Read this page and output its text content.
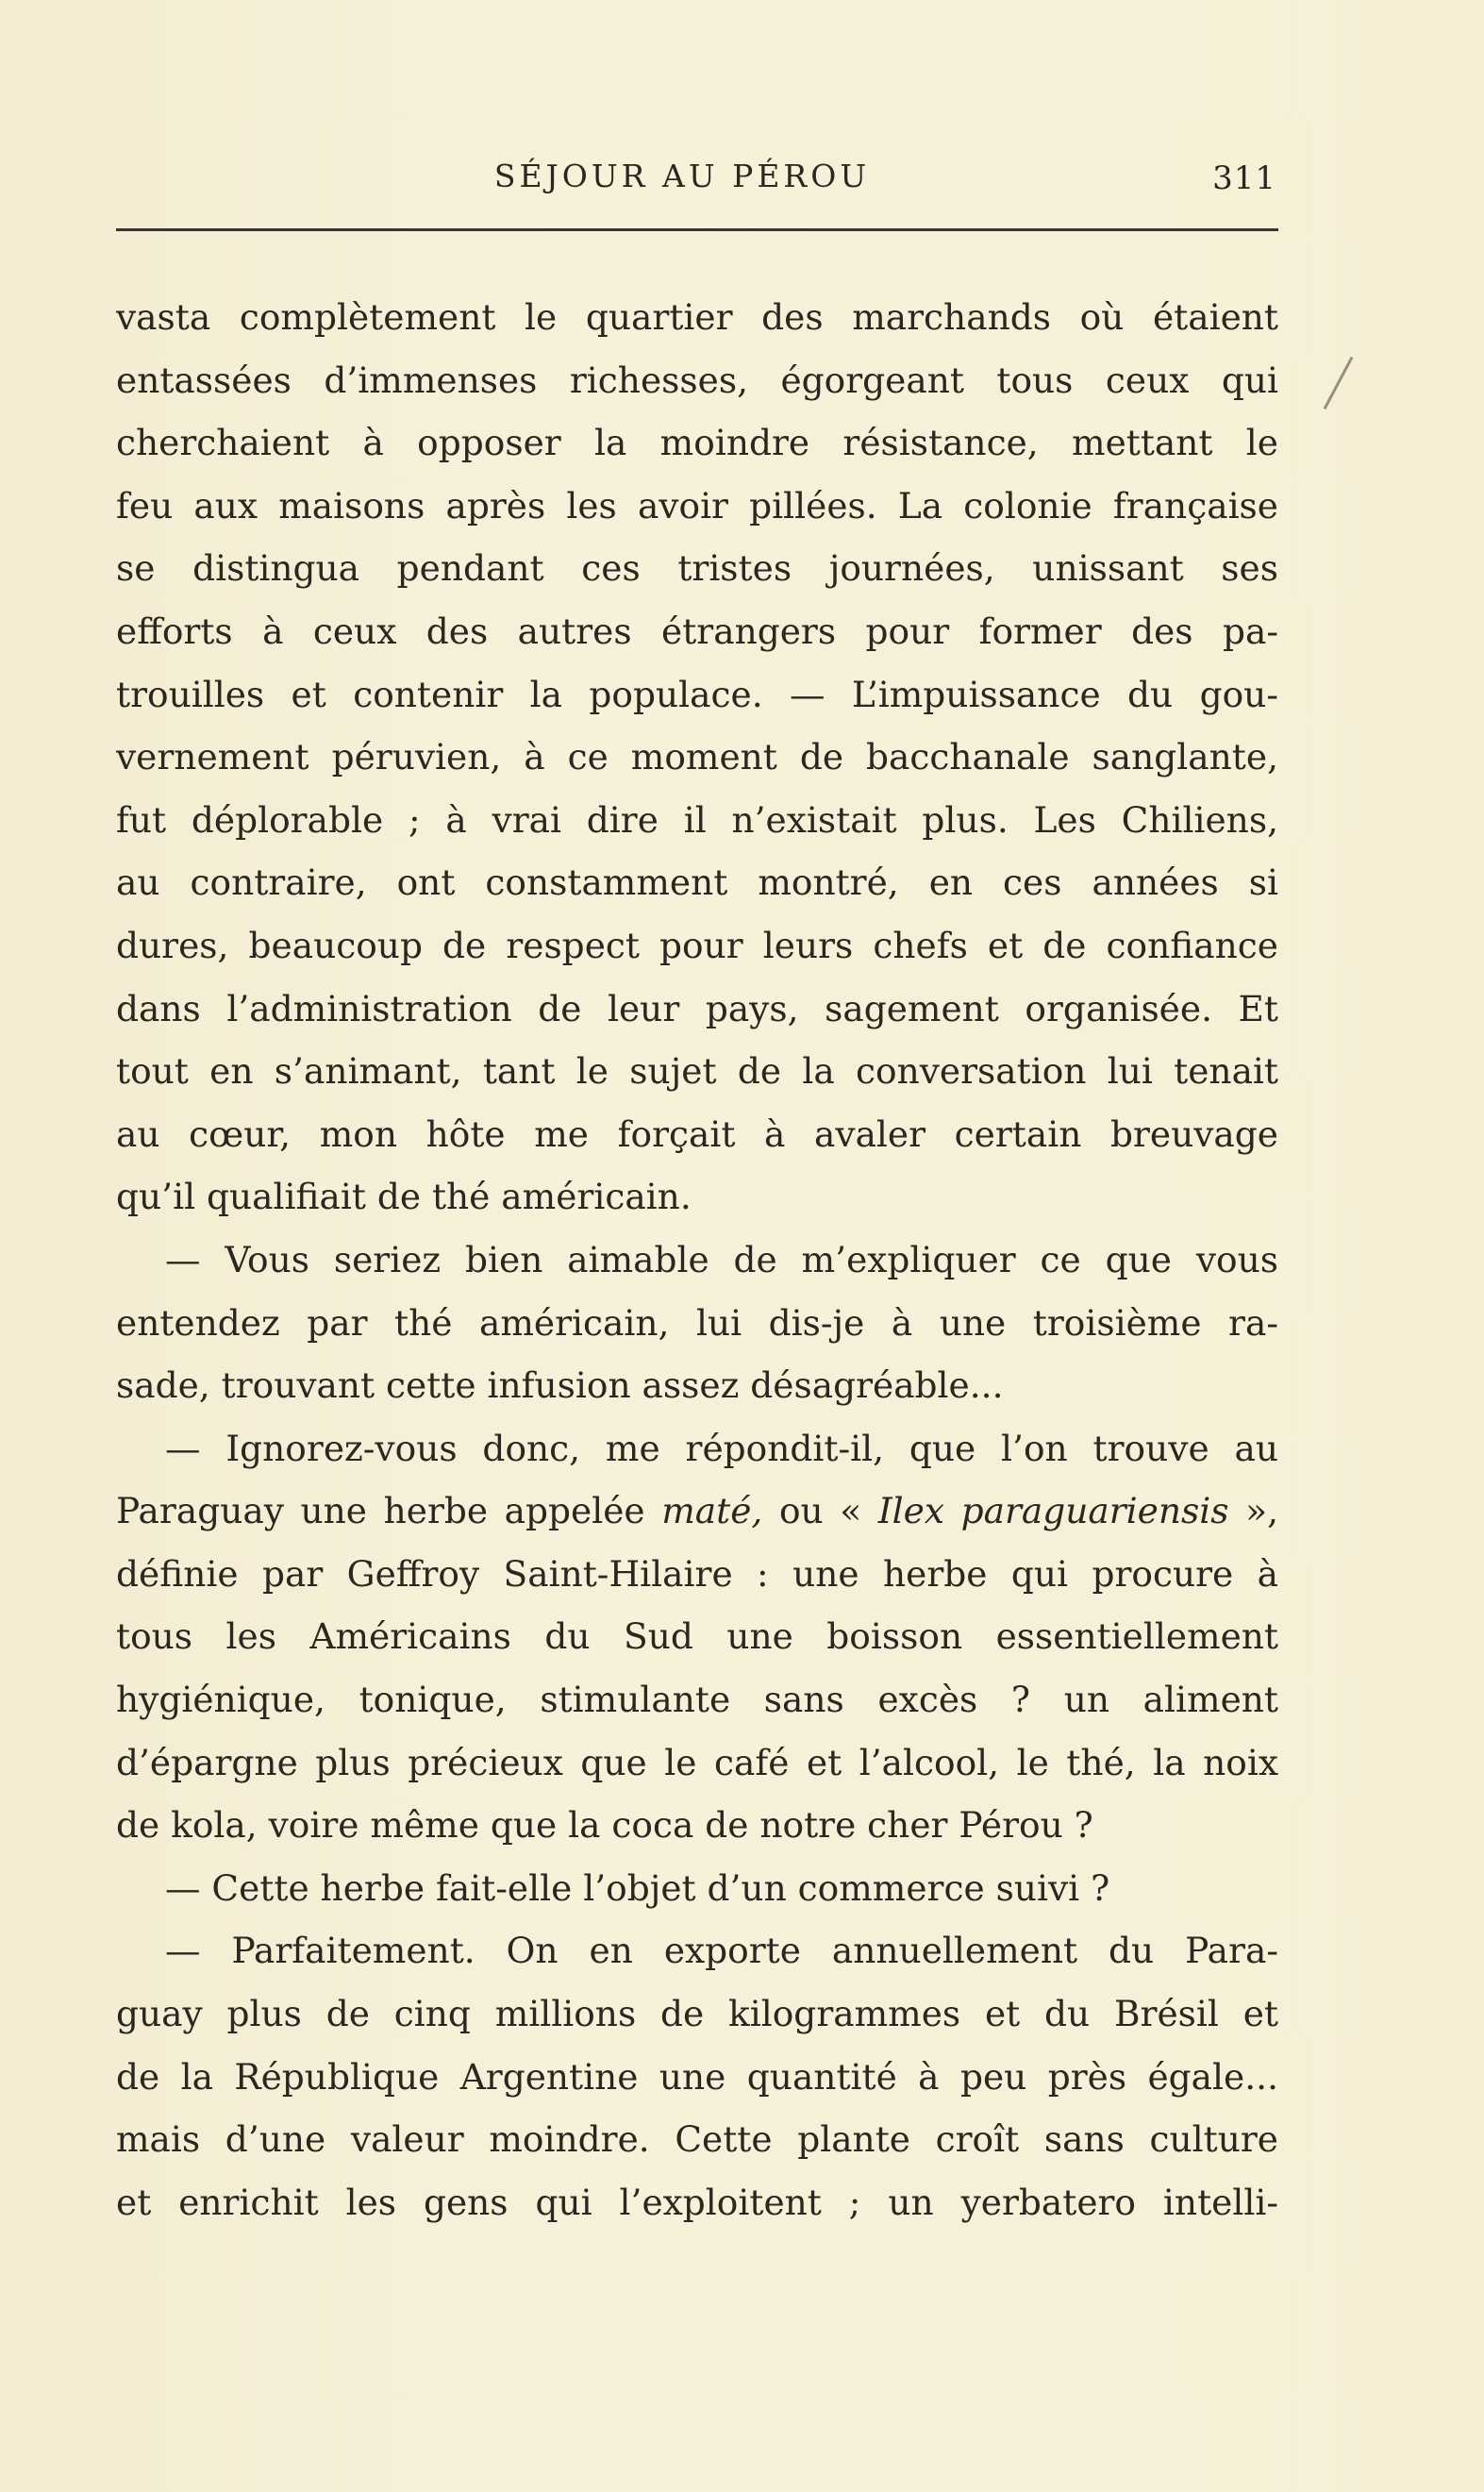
SÉJOUR AU PÉROU	311
vasta complètement le quartier des marchands où étaient
entassées d’immenses richesses, égorgeant tous ceux qui
cherchaient à opposer la moindre résistance, mettant le
feu aux maisons après les avoir pillées. La colonie française
se distingua pendant ces tristes journées, unissant ses
efforts à ceux des autres étrangers pour former des pa-
trouilles et contenir la populace. — L’impuissance du gou-
vernement péruvien, à ce moment de bacchanale sanglante,
fut déplorable ; à vrai dire il n’existait plus. Les Chiliens,
au contraire, ont constamment montré, en ces années si
dures, beaucoup de respect pour leurs chefs et de confiance
dans l’administration de leur pays, sagement organisée. Et
tout en s’animant, tant le sujet de la conversation lui tenait
au cœur, mon hôte me forçait à avaler certain breuvage
qu’il qualifiait de thé américain.
— Vous seriez bien aimable de m’expliquer ce que vous
entendez par thé américain, lui dis-je à une troisième ra-
sade, trouvant cette infusion assez désagréable...
— Ignorez-vous donc, me répondit-il, que l’on trouve au
Paraguay une herbe appelée maté, ou « Ilex paraguariensis »,
définie par Geffroy Saint-Hilaire : une herbe qui procure à
tous les Américains du Sud une boisson essentiellement
hygiénique, tonique, stimulante sans excès ? un aliment
d’épargne plus précieux que le café et l’alcool, le thé, la noix
de kola, voire même que la coca de notre cher Pérou ?
— Cette herbe fait-elle l’objet d’un commerce suivi ?
— Parfaitement. On en exporte annuellement du Para-
guay plus de cinq millions de kilogrammes et du Brésil et
de la République Argentine une quantité à peu près égale...
mais d’une valeur moindre. Cette plante croît sans culture
et enrichit les gens qui l’exploitent ; un yerbatero intelli-
